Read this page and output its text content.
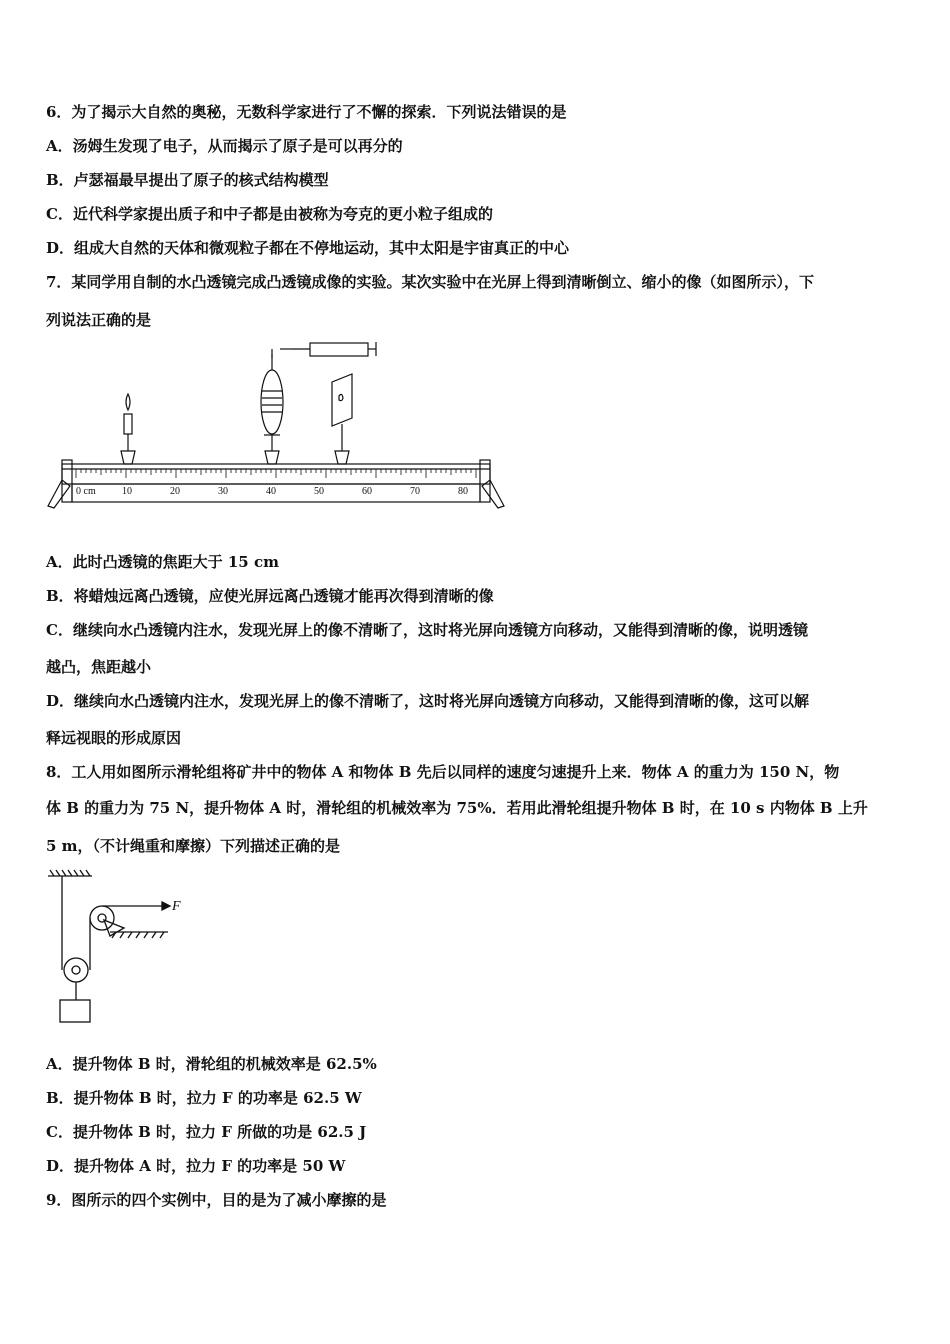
6．为了揭示大自然的奥秘，无数科学家进行了不懈的探索．下列说法错误的是
A．汤姆生发现了电子，从而揭示了原子是可以再分的
B．卢瑟福最早提出了原子的核式结构模型
C．近代科学家提出质子和中子都是由被称为夸克的更小粒子组成的
D．组成大自然的天体和微观粒子都在不停地运动，其中太阳是宇宙真正的中心
7．某同学用自制的水凸透镜完成凸透镜成像的实验。某次实验中在光屏上得到清晰倒立、缩小的像（如图所示），下
列说法正确的是
0 cm	10	20	30	40	50	60	70	80
A．此时凸透镜的焦距大于 15 cm
B．将蜡烛远离凸透镜，应使光屏远离凸透镜才能再次得到清晰的像
C．继续向水凸透镜内注水，发现光屏上的像不清晰了，这时将光屏向透镜方向移动，又能得到清晰的像，说明透镜
越凸，焦距越小
D．继续向水凸透镜内注水，发现光屏上的像不清晰了，这时将光屏向透镜方向移动，又能得到清晰的像，这可以解
释远视眼的形成原因
8．工人用如图所示滑轮组将矿井中的物体 A 和物体 B 先后以同样的速度匀速提升上来．物体 A 的重力为 150 N，物
体 B 的重力为 75 N，提升物体 A 时，滑轮组的机械效率为 75%．若用此滑轮组提升物体 B 时，在 10 s 内物体 B 上升
5 m，（不计绳重和摩擦）下列描述正确的是
F
A．提升物体 B 时，滑轮组的机械效率是 62.5%
B．提升物体 B 时，拉力 F 的功率是 62.5 W
C．提升物体 B 时，拉力 F 所做的功是 62.5 J
D．提升物体 A 时，拉力 F 的功率是 50 W
9．图所示的四个实例中，目的是为了减小摩擦的是
